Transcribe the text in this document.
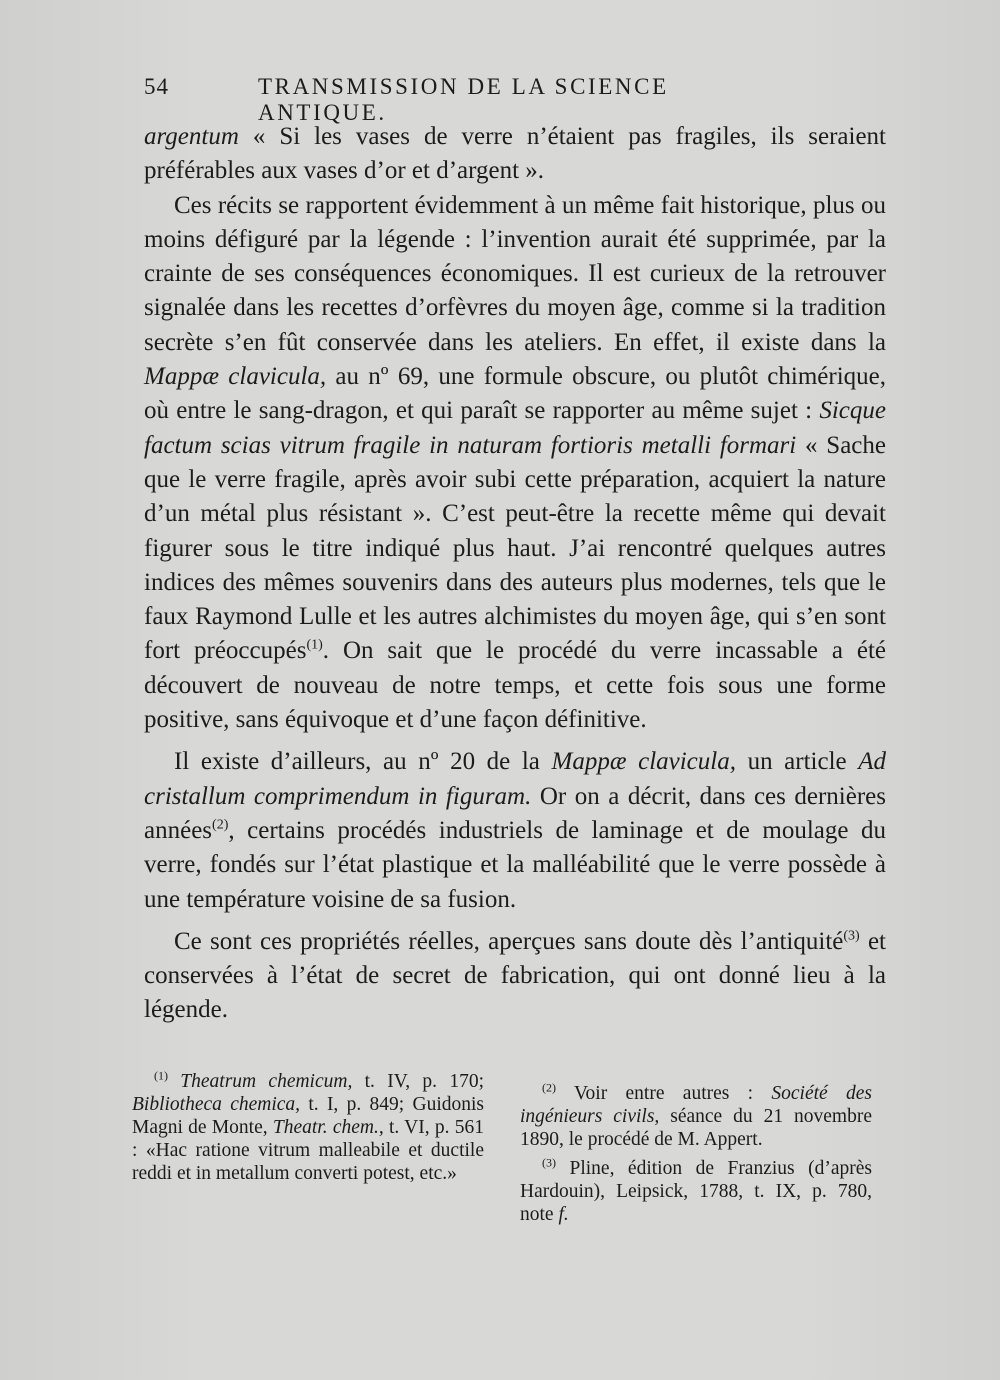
54	TRANSMISSION DE LA SCIENCE ANTIQUE.

argentum « Si les vases de verre n’étaient pas fragiles, ils seraient préférables aux vases d’or et d’argent ».

Ces récits se rapportent évidemment à un même fait historique, plus ou moins défiguré par la légende : l’invention aurait été supprimée, par la crainte de ses conséquences économiques. Il est curieux de la retrouver signalée dans les recettes d’orfèvres du moyen âge, comme si la tradition secrète s’en fût conservée dans les ateliers. En effet, il existe dans la Mappæ clavicula, au nº 69, une formule obscure, ou plutôt chimérique, où entre le sang-dragon, et qui paraît se rapporter au même sujet : Sicque factum scias vitrum fragile in naturam fortioris metalli formari « Sache que le verre fragile, après avoir subi cette préparation, acquiert la nature d’un métal plus résistant ». C’est peut-être la recette même qui devait figurer sous le titre indiqué plus haut. J’ai rencontré quelques autres indices des mêmes souvenirs dans des auteurs plus modernes, tels que le faux Raymond Lulle et les autres alchimistes du moyen âge, qui s’en sont fort préoccupés$^{(1)}$. On sait que le procédé du verre incassable a été découvert de nouveau de notre temps, et cette fois sous une forme positive, sans équivoque et d’une façon définitive.

Il existe d’ailleurs, au nº 20 de la Mappæ clavicula, un article Ad cristallum comprimendum in figuram. Or on a décrit, dans ces dernières années$^{(2)}$, certains procédés industriels de laminage et de moulage du verre, fondés sur l’état plastique et la malléabilité que le verre possède à une température voisine de sa fusion.

Ce sont ces propriétés réelles, aperçues sans doute dès l’antiquité$^{(3)}$ et conservées à l’état de secret de fabrication, qui ont donné lieu à la légende.

$^{(1)}$ Theatrum chemicum, t. IV, p. 170; Bibliotheca chemica, t. I, p. 849; Guidonis Magni de Monte, Theatr. chem., t. VI, p. 561 : «Hac ratione vitrum malleabile et ductile reddi et in metallum converti potest, etc.»

$^{(2)}$ Voir entre autres : Société des ingénieurs civils, séance du 21 novembre 1890, le procédé de M. Appert.

$^{(3)}$ Pline, édition de Franzius (d’après Hardouin), Leipsick, 1788, t. IX, p. 780, note f.
